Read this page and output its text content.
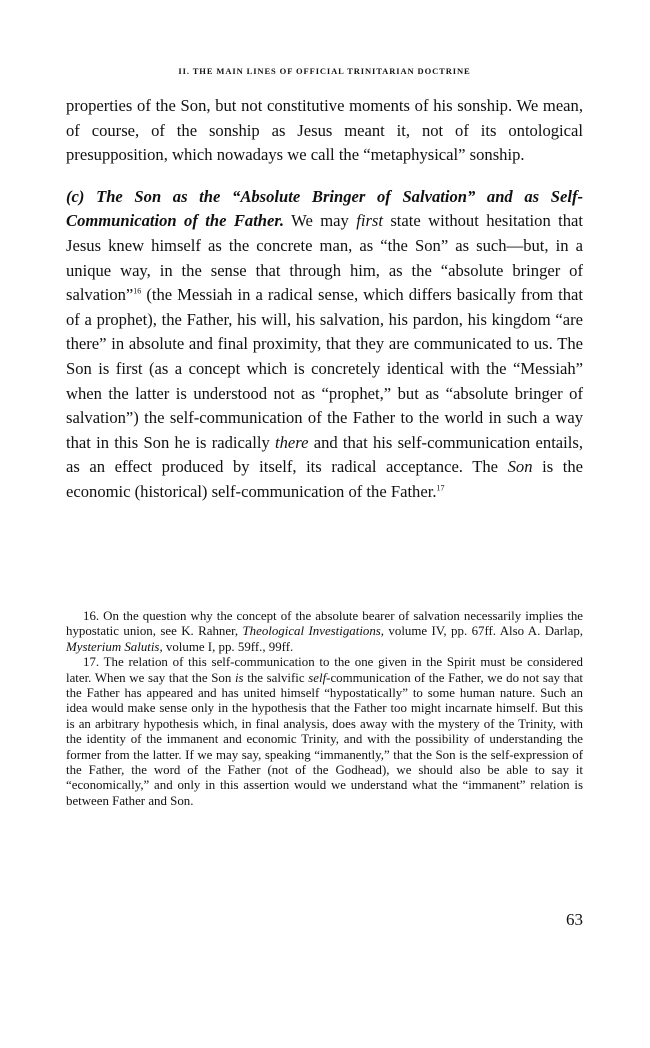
II. THE MAIN LINES OF OFFICIAL TRINITARIAN DOCTRINE

properties of the Son, but not constitutive moments of his sonship. We mean, of course, of the sonship as Jesus meant it, not of its ontological presupposition, which nowadays we call the “metaphysical” sonship.

(c) The Son as the “Absolute Bringer of Salvation” and as Self-Communication of the Father. We may first state without hesitation that Jesus knew himself as the concrete man, as “the Son” as such—but, in a unique way, in the sense that through him, as the “absolute bringer of salvation”$^{16}$ (the Messiah in a radical sense, which differs basically from that of a prophet), the Father, his will, his salvation, his pardon, his kingdom “are there” in absolute and final proximity, that they are communicated to us. The Son is first (as a concept which is concretely identical with the “Messiah” when the latter is understood not as “prophet,” but as “absolute bringer of salvation”) the self-communication of the Father to the world in such a way that in this Son he is radically there and that his self-communication entails, as an effect produced by itself, its radical acceptance. The Son is the economic (historical) self-communication of the Father.$^{17}$

16. On the question why the concept of the absolute bearer of salvation necessarily implies the hypostatic union, see K. Rahner, Theological Investigations, volume IV, pp. 67ff. Also A. Darlap, Mysterium Salutis, volume I, pp. 59ff., 99ff.

17. The relation of this self-communication to the one given in the Spirit must be considered later. When we say that the Son is the salvific self-communication of the Father, we do not say that the Father has appeared and has united himself “hypostatically” to some human nature. Such an idea would make sense only in the hypothesis that the Father too might incarnate himself. But this is an arbitrary hypothesis which, in final analysis, does away with the mystery of the Trinity, with the identity of the immanent and economic Trinity, and with the possibility of understanding the former from the latter. If we may say, speaking “immanently,” that the Son is the self-expression of the Father, the word of the Father (not of the Godhead), we should also be able to say it “economically,” and only in this assertion would we understand what the “immanent” relation is between Father and Son.

63
